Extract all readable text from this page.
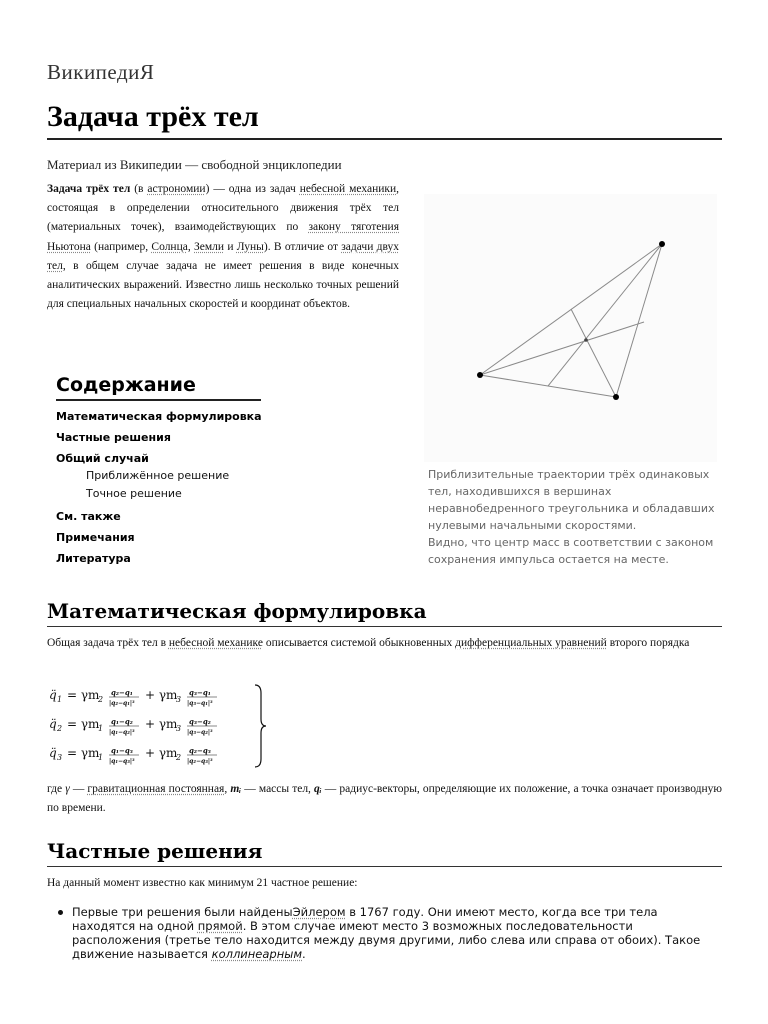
ВикипедиЯ
Задача трёх тел
Материал из Википедии — свободной энциклопедии
Задача трёх тел (в астрономии) — одна из задач небесной механики, состоящая в определении относительного движения трёх тел (материальных точек), взаимодействующих по закону тяготения Ньютона (например, Солнца, Земли и Луны). В отличие от задачи двух тел, в общем случае задача не имеет решения в виде конечных аналитических выражений. Известно лишь несколько точных решений для специальных начальных скоростей и координат объектов.
Приблизительные траектории трёх одинаковых тел, находившихся в вершинах неравнобедренного треугольника и обладавших нулевыми начальными скоростями.
Видно, что центр масс в соответствии с законом сохранения импульса остается на месте.
Содержание
Математическая формулировка
Частные решения
Общий случай
Приближённое решение
Точное решение
См. также
Примечания
Литература
Математическая формулировка
Общая задача трёх тел в небесной механике описывается системой обыкновенных дифференциальных уравнений второго порядка
q̈ 1 = γm
2
q₂−q₁
|q₂−q₁|³
+ γm
3
q₃−q₁
|q₃−q₁|³
q̈ 2 = γm
1
q₁−q₂
|q₁−q₂|³
+ γm
3
q₃−q₂
|q₃−q₂|³
q̈ 3 = γm
1
q₁−q₃
|q₁−q₃|³
+ γm
2
q₂−q₃
|q₂−q₃|³
где γ — гравитационная постоянная, mᵢ — массы тел, qᵢ — радиус-векторы, определяющие их положение, а точка означает производную по времени.
Частные решения
На данный момент известно как минимум 21 частное решение:
Первые три решения были найденыЭйлером в 1767 году. Они имеют место, когда все три тела находятся на одной прямой. В этом случае имеют место 3 возможных последовательности расположения (третье тело находится между двумя другими, либо слева или справа от обоих). Такое движение называется коллинеарным.
